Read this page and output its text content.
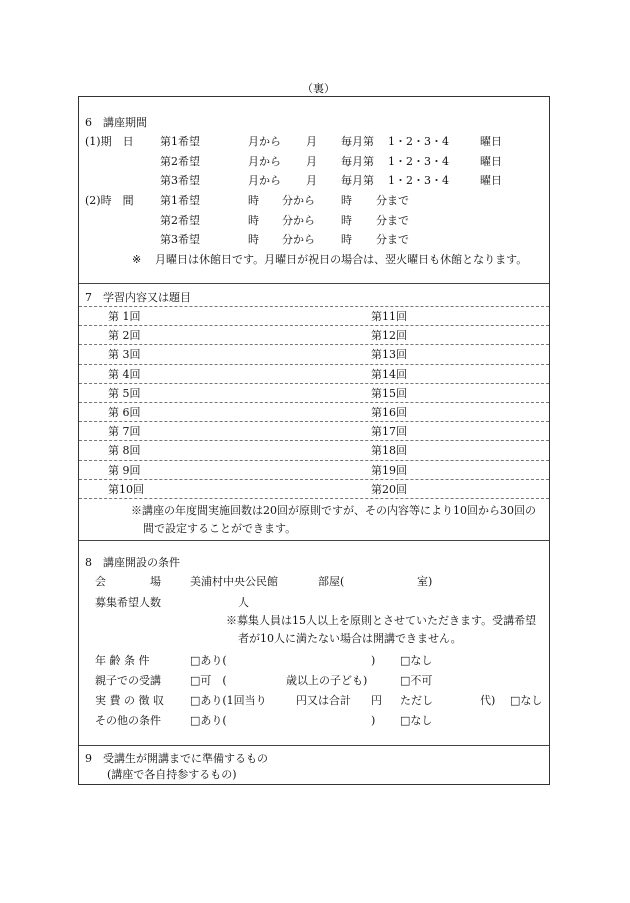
（裏）
6　講座期間
(1)期　日 第1希望	月から 月 毎月第 1・2・3・4	曜日
第2希望	月から 月 毎月第 1・2・3・4	曜日
第3希望	月から 月 毎月第 1・2・3・4	曜日
(2)時　間 第1希望	時 分から 時 分まで
第2希望	時 分から 時 分まで
第3希望	時 分から 時 分まで
※ 月曜日は休館日です。月曜日が祝日の場合は、翌火曜日も休館となります。
7　学習内容又は題目
第 1回	第11回
第 2回	第12回
第 3回	第13回
第 4回	第14回
第 5回	第15回
第 6回	第16回
第 7回	第17回
第 8回	第18回
第 9回	第19回
第10回	第20回
※講座の年度間実施回数は20回が原則ですが、その内容等により10回から30回の
間で設定することができます。
8　講座開設の条件
会　　　　場	美浦村中央公民館	部屋(	室)
募集希望人数	人
※募集人員は15人以上を原則とさせていただきます。受講希望
者が10人に満たない場合は開講できません。
年 齢 条 件	□あり(	) □なし
親子での受講	□可　(	歳以上の子ども)	□不可
実 費 の 徴 収 □あり(1回当り	円又は合計 円 ただし	代) □なし
その他の条件	□あり(	) □なし
9　受講生が開講までに準備するもの
(講座で各自持参するもの)
